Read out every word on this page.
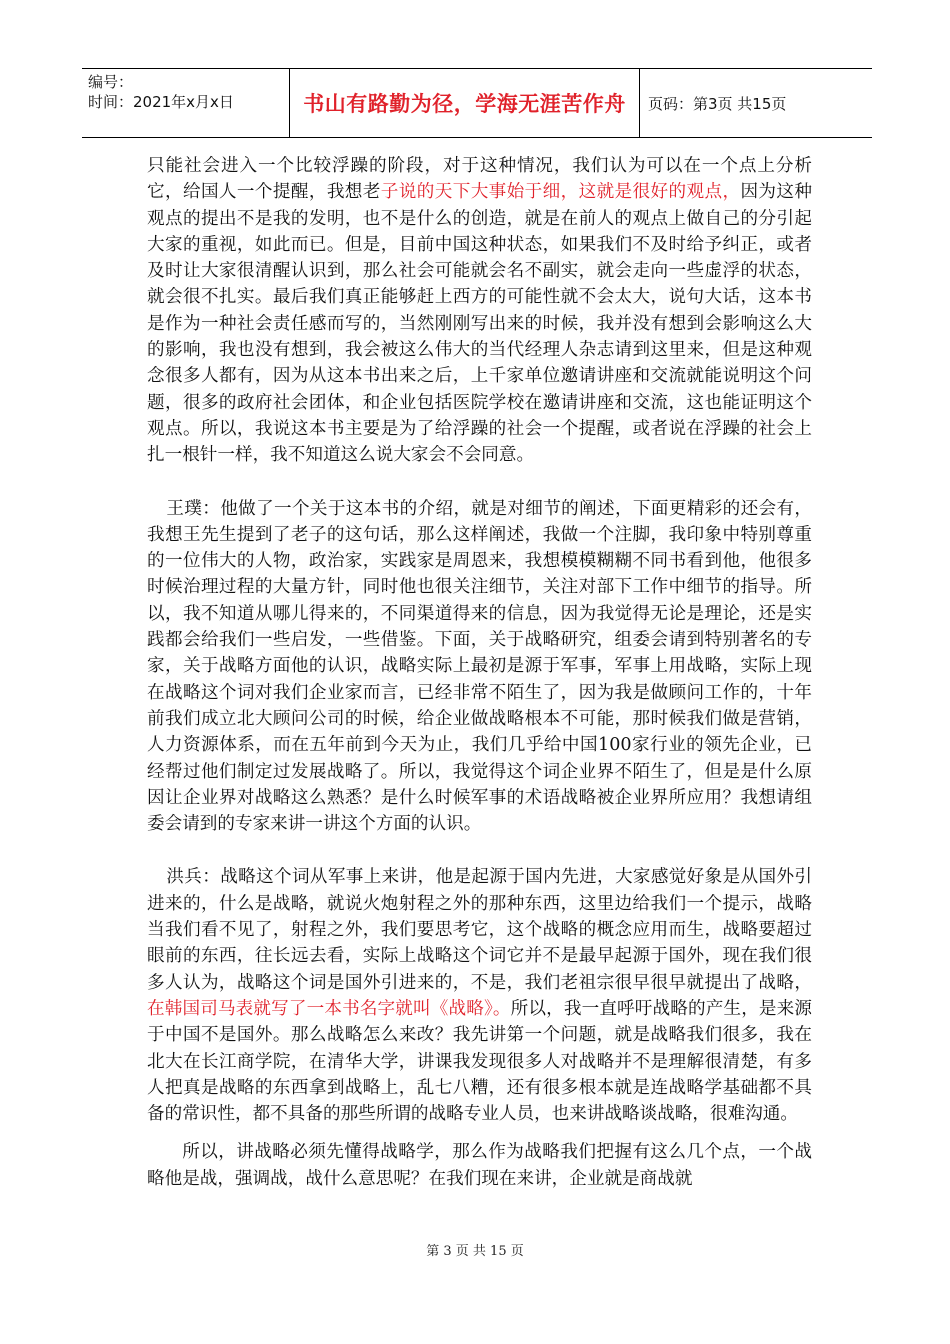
编号：
时间：2021年x月x日	书山有路勤为径，学海无涯苦作舟	页码：第3页 共15页

只能社会进入一个比较浮躁的阶段，对于这种情况，我们认为可以在一个点上分析它，给国人一个提醒，我想老子说的天下大事始于细，这就是很好的观点，因为这种观点的提出不是我的发明，也不是什么的创造，就是在前人的观点上做自己的分引起大家的重视，如此而已。但是，目前中国这种状态，如果我们不及时给予纠正，或者及时让大家很清醒认识到，那么社会可能就会名不副实，就会走向一些虚浮的状态，就会很不扎实。最后我们真正能够赶上西方的可能性就不会太大，说句大话，这本书是作为一种社会责任感而写的，当然刚刚写出来的时候，我并没有想到会影响这么大的影响，我也没有想到，我会被这么伟大的当代经理人杂志请到这里来，但是这种观念很多人都有，因为从这本书出来之后，上千家单位邀请讲座和交流就能说明这个问题，很多的政府社会团体，和企业包括医院学校在邀请讲座和交流，这也能证明这个观点。所以，我说这本书主要是为了给浮躁的社会一个提醒，或者说在浮躁的社会上扎一根针一样，我不知道这么说大家会不会同意。

王璞：他做了一个关于这本书的介绍，就是对细节的阐述，下面更精彩的还会有，我想王先生提到了老子的这句话，那么这样阐述，我做一个注脚，我印象中特别尊重的一位伟大的人物，政治家，实践家是周恩来，我想模模糊糊不同书看到他，他很多时候治理过程的大量方针，同时他也很关注细节，关注对部下工作中细节的指导。所以，我不知道从哪儿得来的，不同渠道得来的信息，因为我觉得无论是理论，还是实践都会给我们一些启发，一些借鉴。下面，关于战略研究，组委会请到特别著名的专家，关于战略方面他的认识，战略实际上最初是源于军事，军事上用战略，实际上现在战略这个词对我们企业家而言，已经非常不陌生了，因为我是做顾问工作的，十年前我们成立北大顾问公司的时候，给企业做战略根本不可能，那时候我们做是营销，人力资源体系，而在五年前到今天为止，我们几乎给中国100家行业的领先企业，已经帮过他们制定过发展战略了。所以，我觉得这个词企业界不陌生了，但是是什么原因让企业界对战略这么熟悉？是什么时候军事的术语战略被企业界所应用？我想请组委会请到的专家来讲一讲这个方面的认识。

洪兵：战略这个词从军事上来讲，他是起源于国内先进，大家感觉好象是从国外引进来的，什么是战略，就说火炮射程之外的那种东西，这里边给我们一个提示，战略当我们看不见了，射程之外，我们要思考它，这个战略的概念应用而生，战略要超过眼前的东西，往长远去看，实际上战略这个词它并不是最早起源于国外，现在我们很多人认为，战略这个词是国外引进来的，不是，我们老祖宗很早很早就提出了战略，在韩国司马表就写了一本书名字就叫《战略》。所以，我一直呼吁战略的产生，是来源于中国不是国外。那么战略怎么来改？我先讲第一个问题，就是战略我们很多，我在北大在长江商学院，在清华大学，讲课我发现很多人对战略并不是理解很清楚，有多人把真是战略的东西拿到战略上，乱七八糟，还有很多根本就是连战略学基础都不具备的常识性，都不具备的那些所谓的战略专业人员，也来讲战略谈战略，很难沟通。

所以，讲战略必须先懂得战略学，那么作为战略我们把握有这么几个点，一个战略他是战，强调战，战什么意思呢？在我们现在来讲，企业就是商战就

第 3 页 共 15 页
